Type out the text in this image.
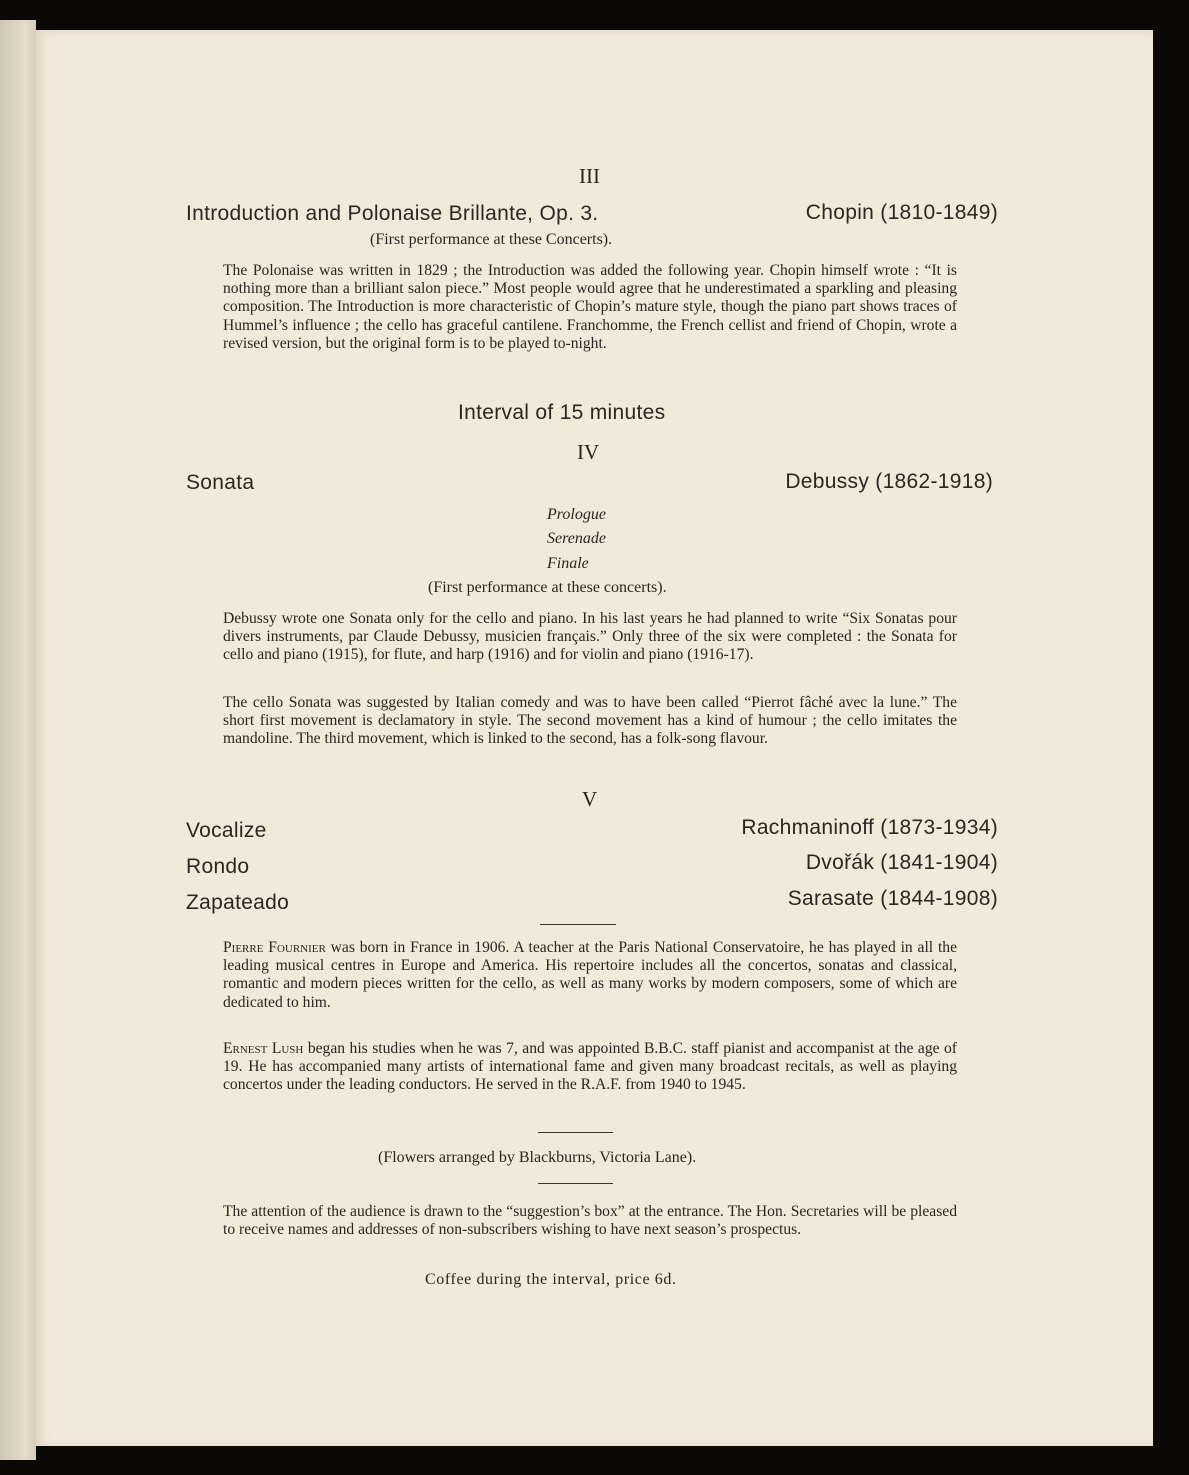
III
Introduction and Polonaise Brillante, Op. 3.	Chopin (1810-1849)
(First performance at these Concerts).

The Polonaise was written in 1829 ; the Introduction was added the following year. Chopin himself wrote : “It is nothing more than a brilliant salon piece.” Most people would agree that he underestimated a sparkling and pleasing composition. The Introduction is more characteristic of Chopin’s mature style, though the piano part shows traces of Hummel’s influence ; the cello has graceful cantilene. Franchomme, the French cellist and friend of Chopin, wrote a revised version, but the original form is to be played to-night.

Interval of 15 minutes
IV
Sonata	Debussy (1862-1918)
Prologue
Serenade
Finale
(First performance at these concerts).

Debussy wrote one Sonata only for the cello and piano. In his last years he had planned to write “Six Sonatas pour divers instruments, par Claude Debussy, musicien français.” Only three of the six were completed : the Sonata for cello and piano (1915), for flute, and harp (1916) and for violin and piano (1916-17).

The cello Sonata was suggested by Italian comedy and was to have been called “Pierrot fâché avec la lune.” The short first movement is declamatory in style. The second movement has a kind of humour ; the cello imitates the mandoline. The third movement, which is linked to the second, has a folk-song flavour.

V
Vocalize	Rachmaninoff (1873-1934)
Rondo	Dvořák (1841-1904)
Zapateado	Sarasate (1844-1908)

Pierre Fournier was born in France in 1906. A teacher at the Paris National Conservatoire, he has played in all the leading musical centres in Europe and America. His repertoire includes all the concertos, sonatas and classical, romantic and modern pieces written for the cello, as well as many works by modern composers, some of which are dedicated to him.

Ernest Lush began his studies when he was 7, and was appointed B.B.C. staff pianist and accompanist at the age of 19. He has accompanied many artists of international fame and given many broadcast recitals, as well as playing concertos under the leading conductors. He served in the R.A.F. from 1940 to 1945.

(Flowers arranged by Blackburns, Victoria Lane).

The attention of the audience is drawn to the “suggestion’s box” at the entrance. The Hon. Secretaries will be pleased to receive names and addresses of non-subscribers wishing to have next season’s prospectus.

Coffee during the interval, price 6d.
